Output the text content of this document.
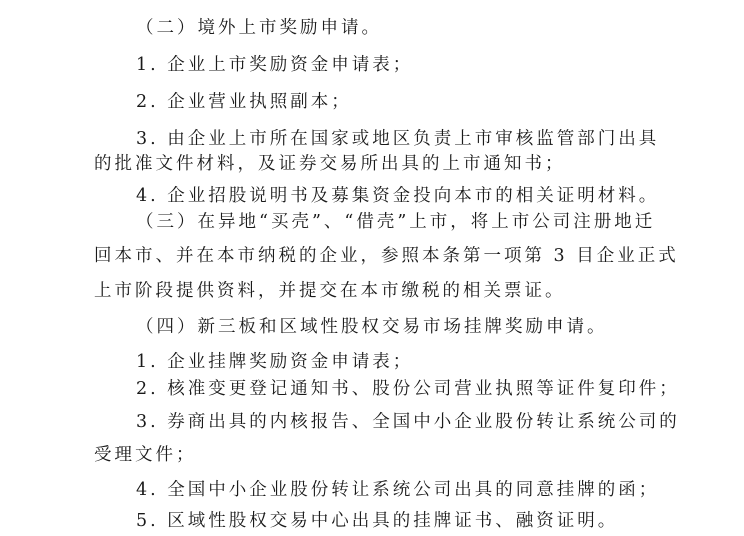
（二）境外上市奖励申请。
1. 企业上市奖励资金申请表；
2. 企业营业执照副本；
3. 由企业上市所在国家或地区负责上市审核监管部门出具
的批准文件材料，及证券交易所出具的上市通知书；
4. 企业招股说明书及募集资金投向本市的相关证明材料。
（三）在异地“买壳”、“借壳”上市，将上市公司注册地迁
回本市、并在本市纳税的企业，参照本条第一项第 3 目企业正式
上市阶段提供资料，并提交在本市缴税的相关票证。
（四）新三板和区域性股权交易市场挂牌奖励申请。
1. 企业挂牌奖励资金申请表；
2. 核准变更登记通知书、股份公司营业执照等证件复印件；
3. 券商出具的内核报告、全国中小企业股份转让系统公司的
受理文件；
4. 全国中小企业股份转让系统公司出具的同意挂牌的函；
5. 区域性股权交易中心出具的挂牌证书、融资证明。
